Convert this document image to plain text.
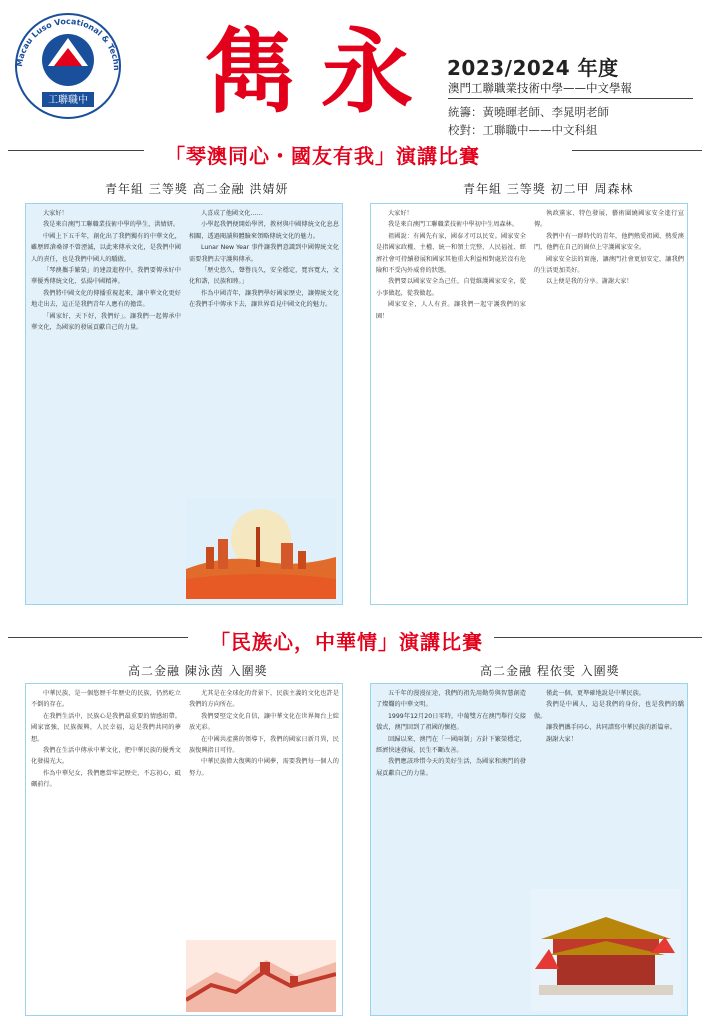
Macau Luso Vocational & Techn
工聯職中 雋永 2023/2024 年度
澳門工聯職業技術中學——中文學報
統籌：黃曉暉老師、李晁明老師
校對：工聯職中——中文科組
「琴澳同心・國友有我」演講比賽
青年組 三等獎 高二金融 洪婧妍	青年組 三等獎 初二甲 周森林

大家好！

我是來自澳門工聯職業技術中學的學生，洪婧妍。

中國上下五千年，創化出了我們獨有的中華文化，雖歷經滄桑卻不曾湮滅，以此來傳承文化，是我們中國人的責任，也是我們中國人的驕傲。

「琴澳攜手繁榮」的建設進程中，我們要傳承好中華優秀傳統文化，弘揚中國精神。

我們將中國文化的傳播重視起來，讓中華文化更好地走出去，這正是我們青年人應有的擔當。

「國家好，天下好，我們好」。讓我們一起傳承中華文化，為國家的發展貢獻自己的力量。

人喜成了他國文化……

小學起我們便開始學習，教材與中國傳統文化息息相關，透過閱讀與體驗來領略傳統文化的魅力。

Lunar New Year 事件讓我們意識到中國傳統文化需要我們去守護與傳承。

「歷史悠久，聲譽良久，安全穩定，寬容寬大，文化和諧，民族和睦。」

作為中國青年，讓我們學好國家歷史，讓傳統文化在我們手中傳承下去，讓世界看見中國文化的魅力。

大家好！

我是來自澳門工聯職業技術中學初中生周森林。

祖國說：有國先有家，國泰才可以民安。國家安全是指國家政權、主權、統一和領土完整、人民福祉、經濟社會可持續發展和國家其他重大利益相對處於沒有危險和不受內外威脅的狀態。

我們要以國家安全為己任，自覺維護國家安全，從小事做起，從我做起。

國家安全，人人有責。讓我們一起守護我們的家園！

執政黨家、特色發展，藝術圍繞國家安全進行宣傳。

我們中有一群時代的青年，他們熱愛祖國、熱愛澳門，他們在自己的崗位上守護國家安全。

國家安全法的實施，讓澳門社會更加安定，讓我們的生活更加美好。

以上便是我的分享。謝謝大家！

「民族心，中華情」演講比賽
高二金融 陳泳茵 入圍獎	高二金融 程依雯 入圍獎

中華民族，是一個悠歷千年歷史的民族，仍然屹立不倒的存在。

在我們生活中，民族心是我們最重要的情感紐帶。國家富強，民族振興，人民幸福，這是我們共同的夢想。

我們在生活中傳承中華文化，把中華民族的優秀文化發揚光大。

作為中華兒女，我們應當牢記歷史，不忘初心，砥礪前行。

尤其是在全球化的背景下，民族主義的文化也許是我們的方向所在。

我們要堅定文化自信，讓中華文化在世界舞台上綻放光彩。

在中國共產黨的領導下，我們的國家日新月異，民族復興指日可待。

中華民族偉大復興的中國夢，需要我們每一個人的努力。

五千年的漫漫征途，我們的祖先用勤勞與智慧創造了燦爛的中華文明。

1999年12月20日零時，中葡雙方在澳門舉行交接儀式，澳門回到了祖國的懷抱。

回歸以來，澳門在「一國兩制」方針下繁榮穩定，經濟快速發展，民生不斷改善。

我們應該珍惜今天的美好生活，為國家和澳門的發展貢獻自己的力量。

僅此一個，更準確地說是中華民族。

我們是中國人，這是我們的身份，也是我們的驕傲。

讓我們攜手同心，共同譜寫中華民族的新篇章。

謝謝大家！
